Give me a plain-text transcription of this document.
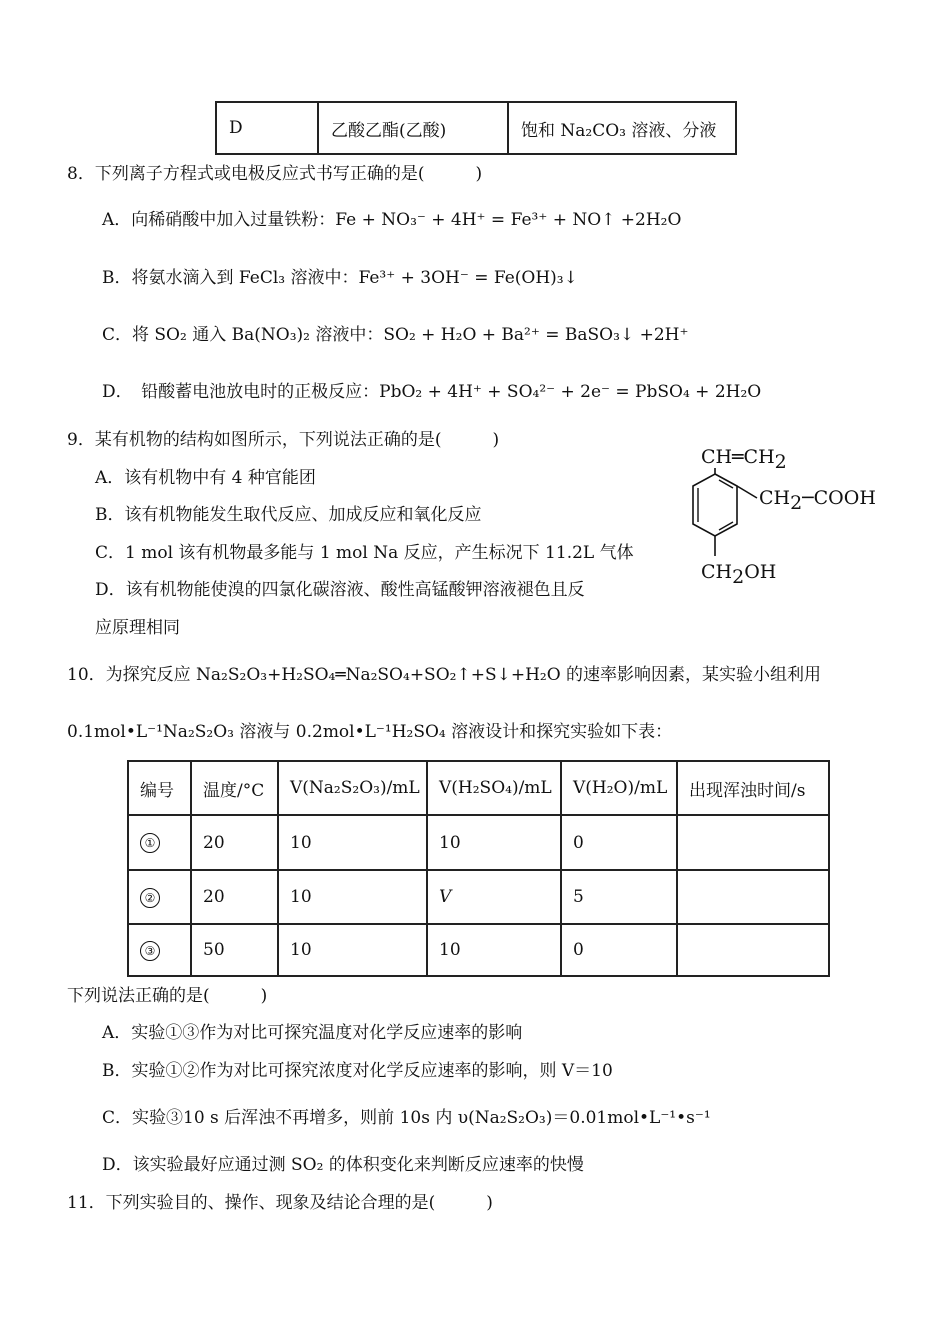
D	乙酸乙酯(乙酸)	饱和 Na₂CO₃ 溶液、分液
8．下列离子方程式或电极反应式书写正确的是(　　　)
A．向稀硝酸中加入过量铁粉：Fe + NO₃⁻ + 4H⁺ = Fe³⁺ + NO↑ +2H₂O
B．将氨水滴入到 FeCl₃ 溶液中：Fe³⁺ + 3OH⁻ = Fe(OH)₃↓
C．将 SO₂ 通入 Ba(NO₃)₂ 溶液中：SO₂ + H₂O + Ba²⁺ = BaSO₃↓ +2H⁺
D．　铅酸蓄电池放电时的正极反应：PbO₂ + 4H⁺ + SO₄²⁻ + 2e⁻ = PbSO₄ + 2H₂O
9．某有机物的结构如图所示，下列说法正确的是(　　　)
A．该有机物中有 4 种官能团
B．该有机物能发生取代反应、加成反应和氧化反应
C．1 mol 该有机物最多能与 1 mol Na 反应，产生标况下 11.2L 气体
D．该有机物能使溴的四氯化碳溶液、酸性高锰酸钾溶液褪色且反
应原理相同
CH═CH2
CH2─COOH
CH2OH
10．为探究反应 Na₂S₂O₃+H₂SO₄═Na₂SO₄+SO₂↑+S↓+H₂O 的速率影响因素，某实验小组利用
0.1mol•L⁻¹Na₂S₂O₃ 溶液与 0.2mol•L⁻¹H₂SO₄ 溶液设计和探究实验如下表：
编号	温度/°C	V(Na₂S₂O₃)/mL	V(H₂SO₄)/mL	V(H₂O)/mL	出现浑浊时间/s
①	20	10	10	0	
②	20	10	V	5	
③	50	10	10	0	
下列说法正确的是(　　　)
A．实验①③作为对比可探究温度对化学反应速率的影响
B．实验①②作为对比可探究浓度对化学反应速率的影响，则 V＝10
C．实验③10 s 后浑浊不再增多，则前 10s 内 υ(Na₂S₂O₃)＝0.01mol•L⁻¹•s⁻¹
D．该实验最好应通过测 SO₂ 的体积变化来判断反应速率的快慢
11．下列实验目的、操作、现象及结论合理的是(　　　)
